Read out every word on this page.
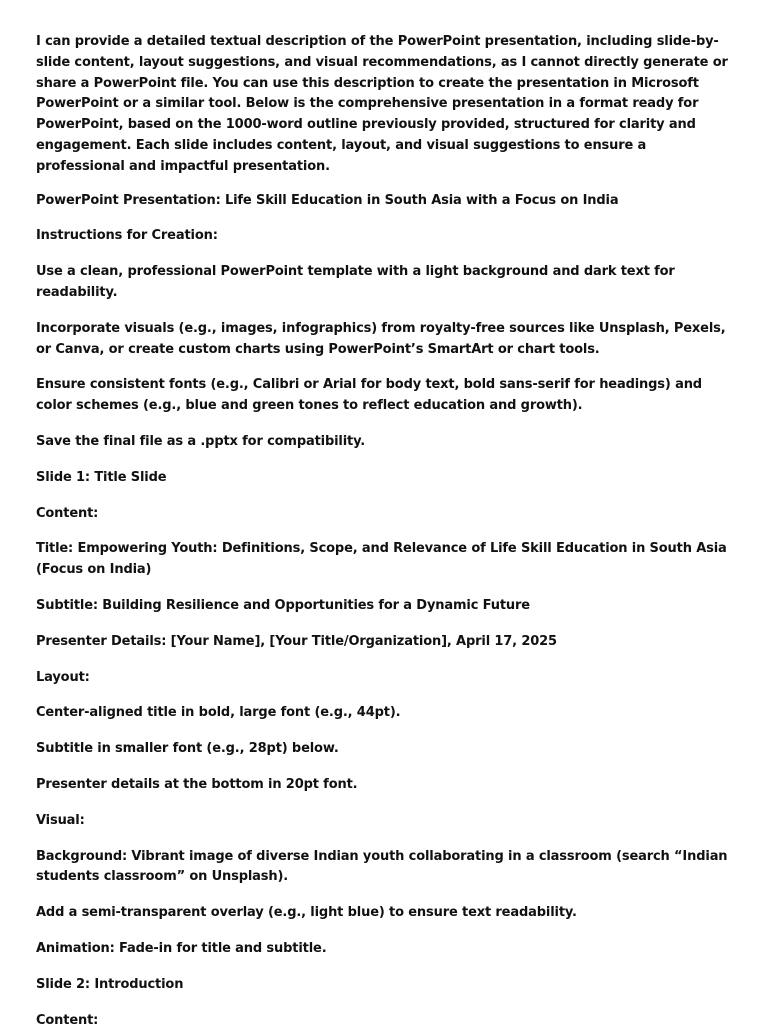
I can provide a detailed textual description of the PowerPoint presentation, including slide-by-slide content, layout suggestions, and visual recommendations, as I cannot directly generate or share a PowerPoint file. You can use this description to create the presentation in Microsoft PowerPoint or a similar tool. Below is the comprehensive presentation in a format ready for PowerPoint, based on the 1000-word outline previously provided, structured for clarity and engagement. Each slide includes content, layout, and visual suggestions to ensure a professional and impactful presentation.

PowerPoint Presentation: Life Skill Education in South Asia with a Focus on India

Instructions for Creation:

Use a clean, professional PowerPoint template with a light background and dark text for readability.

Incorporate visuals (e.g., images, infographics) from royalty-free sources like Unsplash, Pexels, or Canva, or create custom charts using PowerPoint’s SmartArt or chart tools.

Ensure consistent fonts (e.g., Calibri or Arial for body text, bold sans-serif for headings) and color schemes (e.g., blue and green tones to reflect education and growth).

Save the final file as a .pptx for compatibility.

Slide 1: Title Slide

Content:

Title: Empowering Youth: Definitions, Scope, and Relevance of Life Skill Education in South Asia (Focus on India)

Subtitle: Building Resilience and Opportunities for a Dynamic Future

Presenter Details: [Your Name], [Your Title/Organization], April 17, 2025

Layout:

Center-aligned title in bold, large font (e.g., 44pt).

Subtitle in smaller font (e.g., 28pt) below.

Presenter details at the bottom in 20pt font.

Visual:

Background: Vibrant image of diverse Indian youth collaborating in a classroom (search “Indian students classroom” on Unsplash).

Add a semi-transparent overlay (e.g., light blue) to ensure text readability.

Animation: Fade-in for title and subtitle.

Slide 2: Introduction

Content:
